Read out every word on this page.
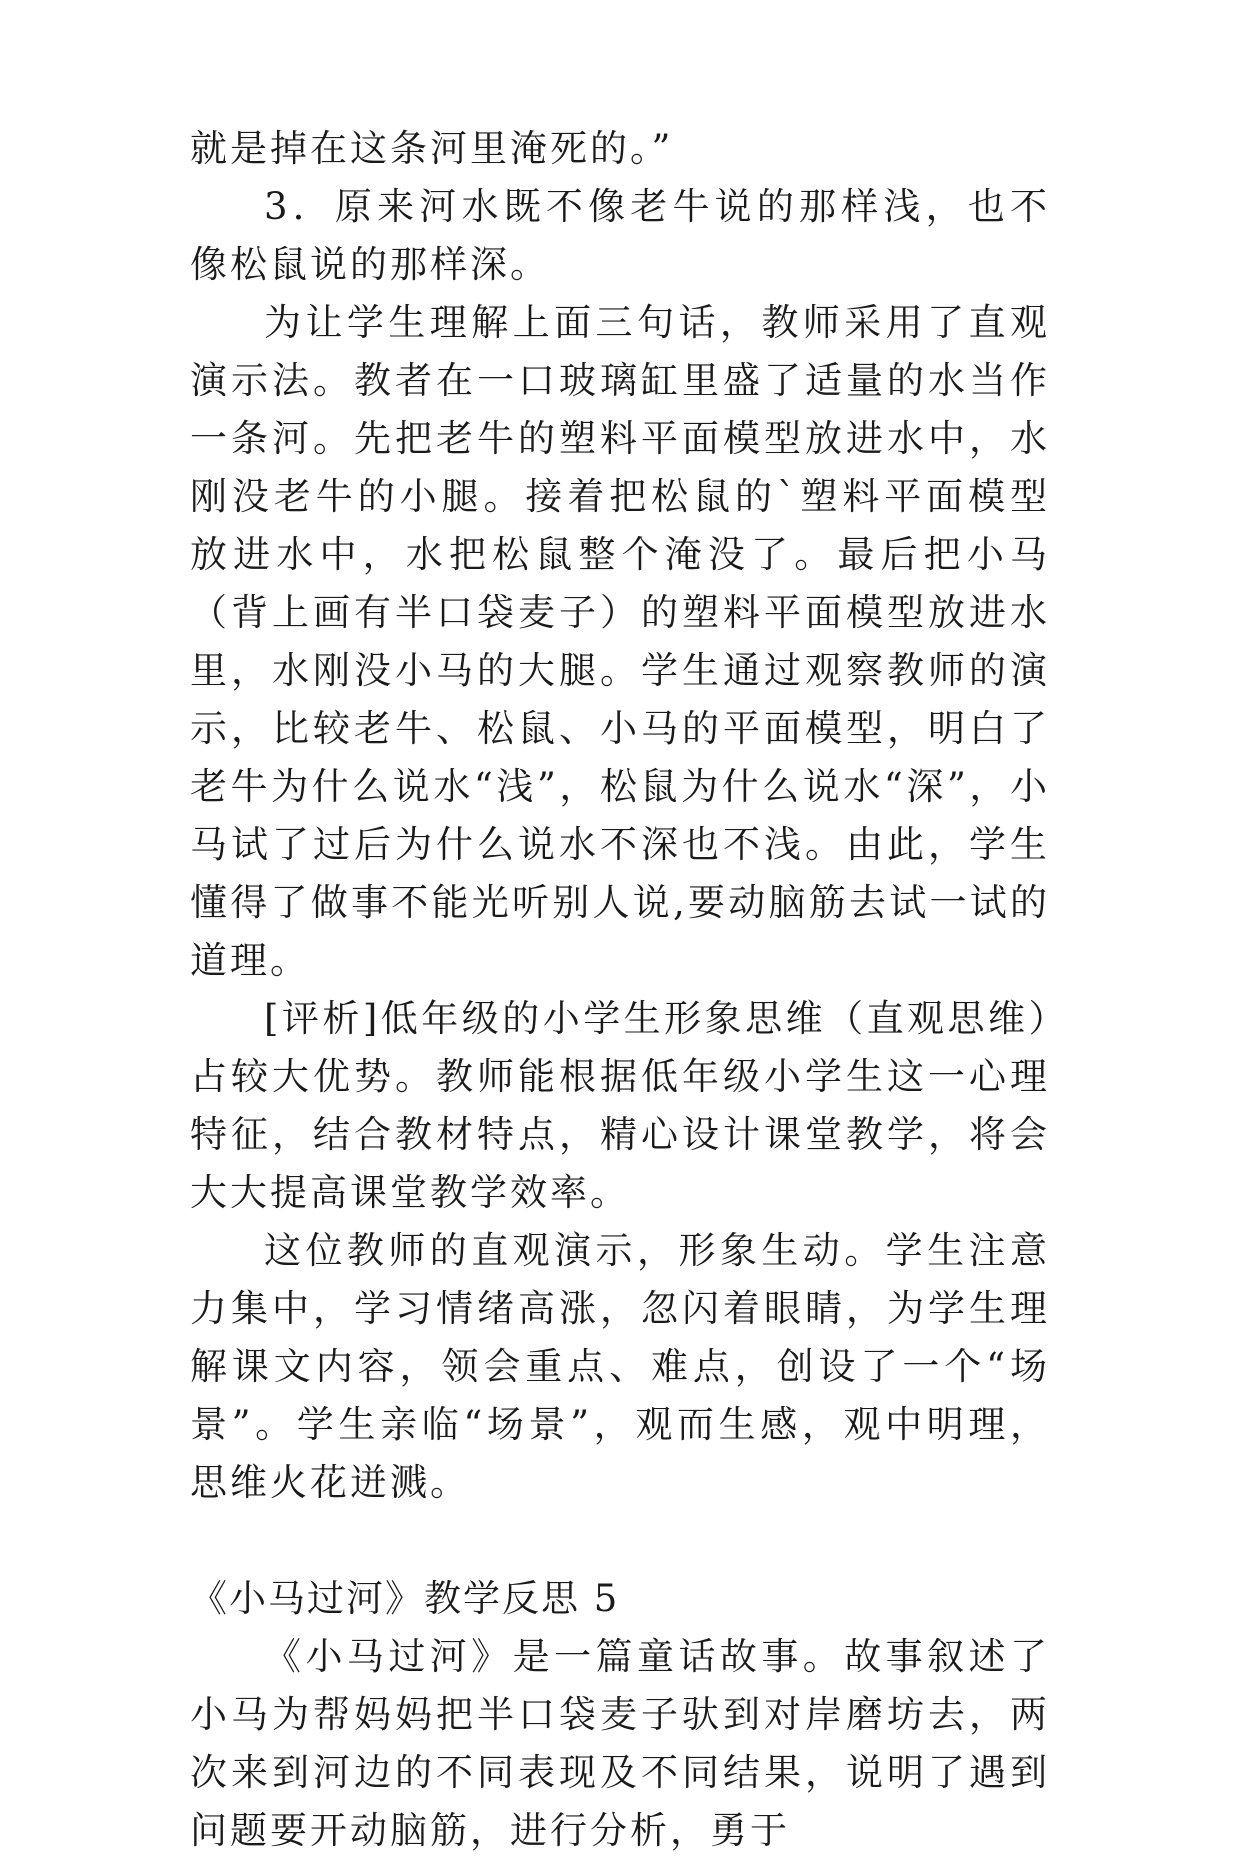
就是掉在这条河里淹死的。”

3．原来河水既不像老牛说的那样浅，也不像松鼠说的那样深。

为让学生理解上面三句话，教师采用了直观演示法。教者在一口玻璃缸里盛了适量的水当作一条河。先把老牛的塑料平面模型放进水中，水刚没老牛的小腿。接着把松鼠的`塑料平面模型放进水中，水把松鼠整个淹没了。最后把小马（背上画有半口袋麦子）的塑料平面模型放进水里，水刚没小马的大腿。学生通过观察教师的演示，比较老牛、松鼠、小马的平面模型，明白了老牛为什么说水“浅”，松鼠为什么说水“深”，小马试了过后为什么说水不深也不浅。由此，学生懂得了做事不能光听别人说,要动脑筋去试一试的道理。

[评析]低年级的小学生形象思维（直观思维）占较大优势。教师能根据低年级小学生这一心理特征，结合教材特点，精心设计课堂教学，将会大大提高课堂教学效率。

这位教师的直观演示，形象生动。学生注意力集中，学习情绪高涨，忽闪着眼睛，为学生理解课文内容，领会重点、难点，创设了一个“场景”。学生亲临“场景”，观而生感，观中明理，思维火花迸溅。

《小马过河》教学反思 5

《小马过河》是一篇童话故事。故事叙述了小马为帮妈妈把半口袋麦子驮到对岸磨坊去，两次来到河边的不同表现及不同结果，说明了遇到问题要开动脑筋，进行分析，勇于
